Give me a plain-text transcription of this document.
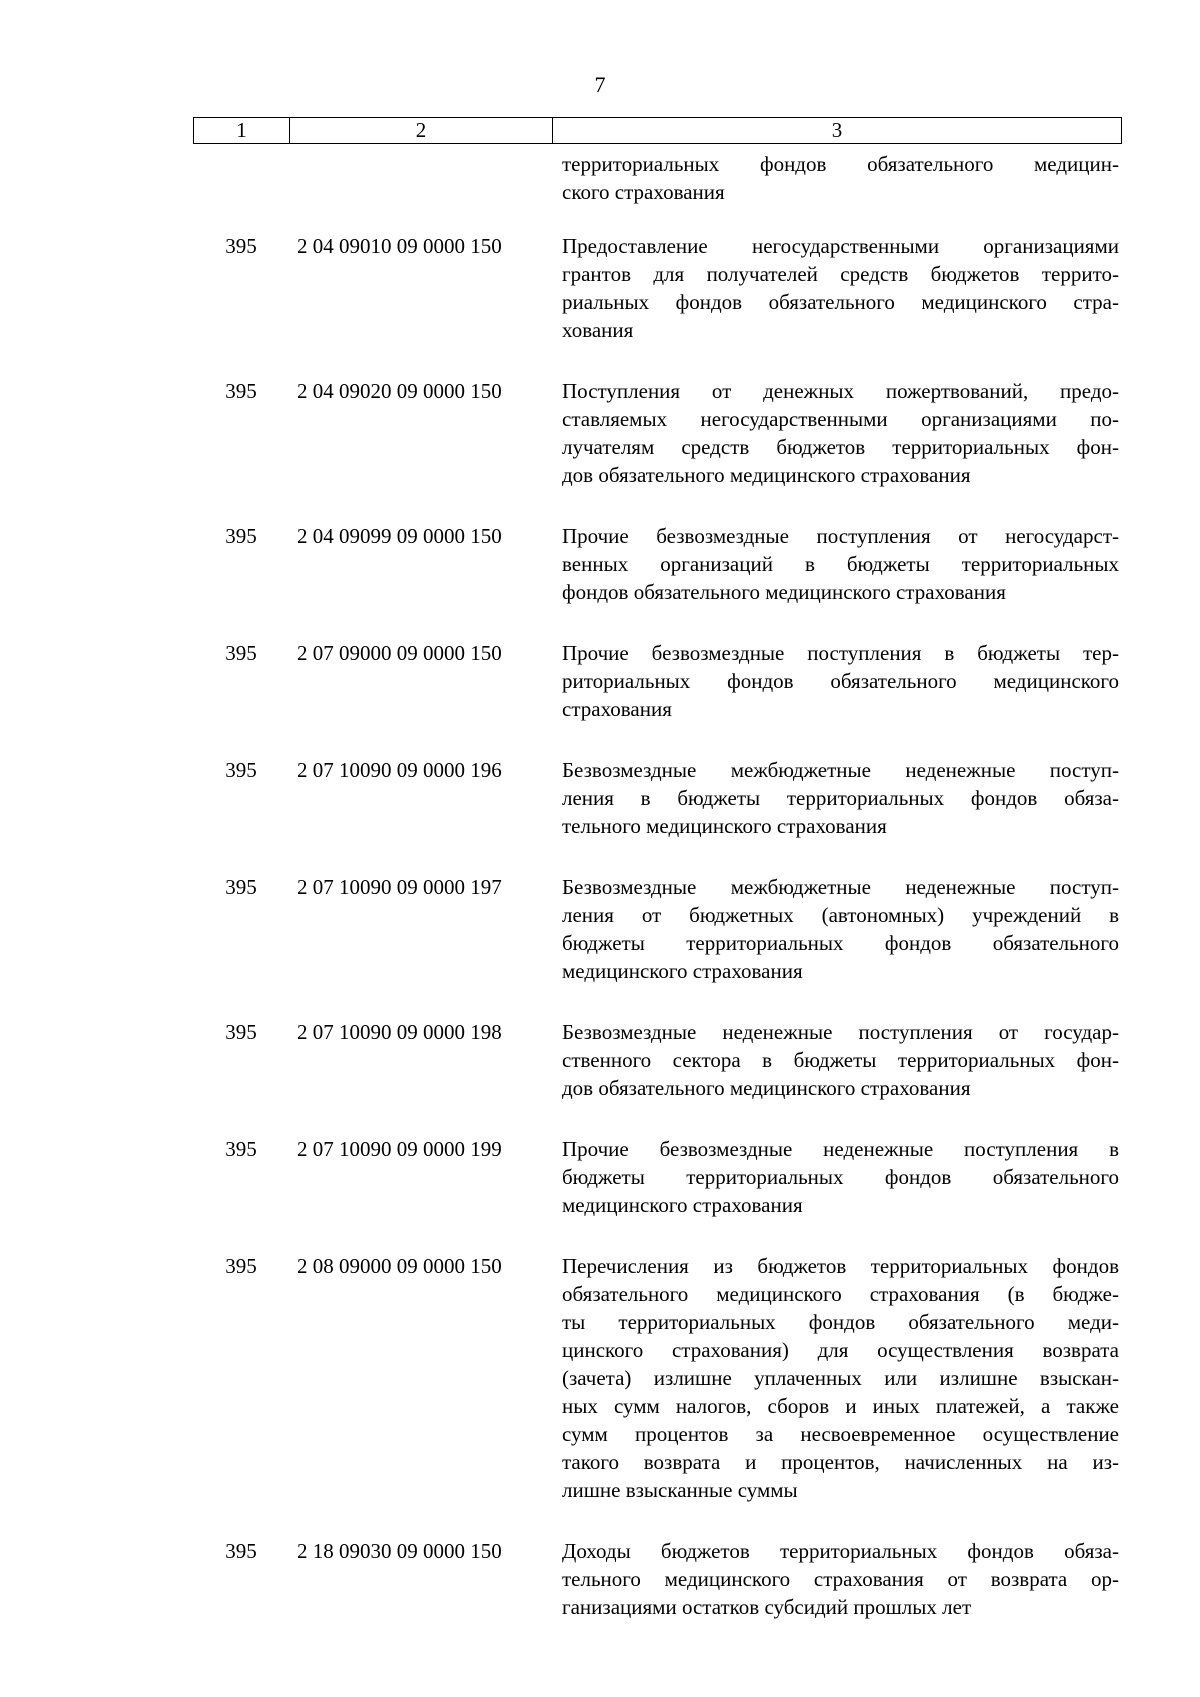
7
1	2	3
территориальных фондов обязательного медицин-
ского страхования
395	2 04 09010 09 0000 150	Предоставление негосударственными организациями
грантов для получателей средств бюджетов террито-
риальных фондов обязательного медицинского стра-
хования
395	2 04 09020 09 0000 150	Поступления от денежных пожертвований, предо-
ставляемых негосударственными организациями по-
лучателям средств бюджетов территориальных фон-
дов обязательного медицинского страхования
395	2 04 09099 09 0000 150	Прочие безвозмездные поступления от негосударст-
венных организаций в бюджеты территориальных
фондов обязательного медицинского страхования
395	2 07 09000 09 0000 150	Прочие безвозмездные поступления в бюджеты тер-
риториальных фондов обязательного медицинского
страхования
395	2 07 10090 09 0000 196	Безвозмездные межбюджетные неденежные поступ-
ления в бюджеты территориальных фондов обяза-
тельного медицинского страхования
395	2 07 10090 09 0000 197	Безвозмездные межбюджетные неденежные поступ-
ления от бюджетных (автономных) учреждений в
бюджеты территориальных фондов обязательного
медицинского страхования
395	2 07 10090 09 0000 198	Безвозмездные неденежные поступления от государ-
ственного сектора в бюджеты территориальных фон-
дов обязательного медицинского страхования
395	2 07 10090 09 0000 199	Прочие безвозмездные неденежные поступления в
бюджеты территориальных фондов обязательного
медицинского страхования
395	2 08 09000 09 0000 150	Перечисления из бюджетов территориальных фондов
обязательного медицинского страхования (в бюдже-
ты территориальных фондов обязательного меди-
цинского страхования) для осуществления возврата
(зачета) излишне уплаченных или излишне взыскан-
ных сумм налогов, сборов и иных платежей, а также
сумм процентов за несвоевременное осуществление
такого возврата и процентов, начисленных на из-
лишне взысканные суммы
395	2 18 09030 09 0000 150	Доходы бюджетов территориальных фондов обяза-
тельного медицинского страхования от возврата ор-
ганизациями остатков субсидий прошлых лет
